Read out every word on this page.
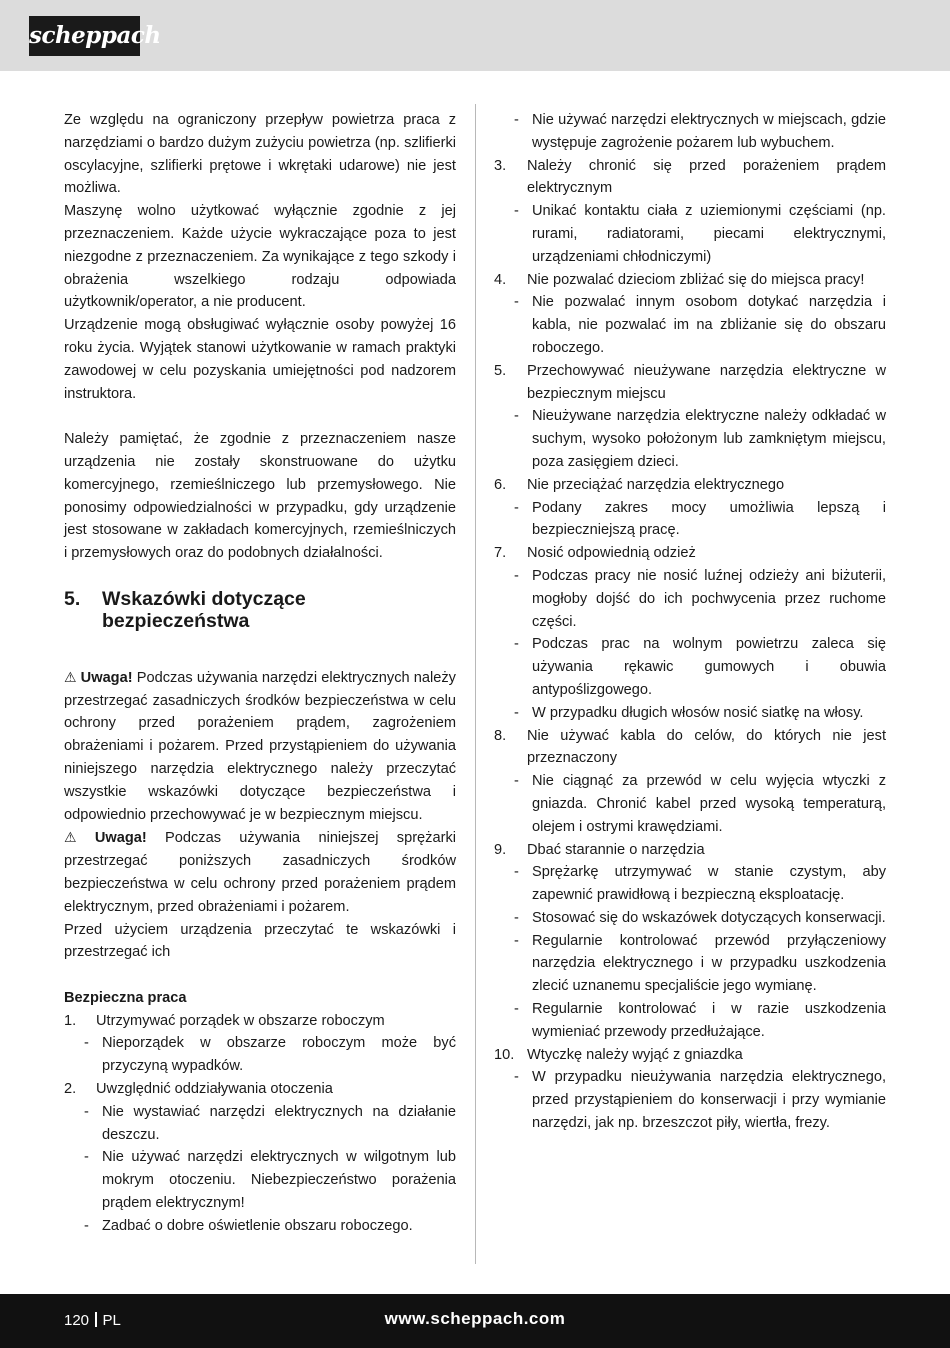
scheppach

Ze względu na ograniczony przepływ powietrza praca z narzędziami o bardzo dużym zużyciu powietrza (np. szlifierki oscylacyjne, szlifierki prętowe i wkrętaki udarowe) nie jest możliwa.

Maszynę wolno użytkować wyłącznie zgodnie z jej przeznaczeniem. Każde użycie wykraczające poza to jest niezgodne z przeznaczeniem. Za wynikające z tego szkody i obrażenia wszelkiego rodzaju odpowiada użytkownik/operator, a nie producent.

Urządzenie mogą obsługiwać wyłącznie osoby powyżej 16 roku życia. Wyjątek stanowi użytkowanie w ramach praktyki zawodowej w celu pozyskania umiejętności pod nadzorem instruktora.

Należy pamiętać, że zgodnie z przeznaczeniem nasze urządzenia nie zostały skonstruowane do użytku komercyjnego, rzemieślniczego lub przemysłowego. Nie ponosimy odpowiedzialności w przypadku, gdy urządzenie jest stosowane w zakładach komercyjnych, rzemieślniczych i przemysłowych oraz do podobnych działalności.

5.	Wskazówki dotyczące bezpieczeństwa

⚠ Uwaga! Podczas używania narzędzi elektrycznych należy przestrzegać zasadniczych środków bezpieczeństwa w celu ochrony przed porażeniem prądem, zagrożeniem obrażeniami i pożarem. Przed przystąpieniem do używania niniejszego narzędzia elektrycznego należy przeczytać wszystkie wskazówki dotyczące bezpieczeństwa i odpowiednio przechowywać je w bezpiecznym miejscu.

⚠ Uwaga! Podczas używania niniejszej sprężarki przestrzegać poniższych zasadniczych środków bezpieczeństwa w celu ochrony przed porażeniem prądem elektrycznym, przed obrażeniami i pożarem.

Przed użyciem urządzenia przeczytać te wskazówki i przestrzegać ich

Bezpieczna praca

1.	Utrzymywać porządek w obszarze roboczym
- Nieporządek w obszarze roboczym może być przyczyną wypadków.
2.	Uwzględnić oddziaływania otoczenia
- Nie wystawiać narzędzi elektrycznych na działanie deszczu.
- Nie używać narzędzi elektrycznych w wilgotnym lub mokrym otoczeniu. Niebezpieczeństwo porażenia prądem elektrycznym!
- Zadbać o dobre oświetlenie obszaru roboczego.
- Nie używać narzędzi elektrycznych w miejscach, gdzie występuje zagrożenie pożarem lub wybuchem.
3.	Należy chronić się przed porażeniem prądem elektrycznym
- Unikać kontaktu ciała z uziemionymi częściami (np. rurami, radiatorami, piecami elektrycznymi, urządzeniami chłodniczymi)
4.	Nie pozwalać dzieciom zbliżać się do miejsca pracy!
- Nie pozwalać innym osobom dotykać narzędzia i kabla, nie pozwalać im na zbliżanie się do obszaru roboczego.
5.	Przechowywać nieużywane narzędzia elektryczne w bezpiecznym miejscu
- Nieużywane narzędzia elektryczne należy odkładać w suchym, wysoko położonym lub zamkniętym miejscu, poza zasięgiem dzieci.
6.	Nie przeciążać narzędzia elektrycznego
- Podany zakres mocy umożliwia lepszą i bezpieczniejszą pracę.
7.	Nosić odpowiednią odzież
- Podczas pracy nie nosić luźnej odzieży ani biżuterii, mogłoby dojść do ich pochwycenia przez ruchome części.
- Podczas prac na wolnym powietrzu zaleca się używania rękawic gumowych i obuwia antypoślizgowego.
- W przypadku długich włosów nosić siatkę na włosy.
8.	Nie używać kabla do celów, do których nie jest przeznaczony
- Nie ciągnąć za przewód w celu wyjęcia wtyczki z gniazda. Chronić kabel przed wysoką temperaturą, olejem i ostrymi krawędziami.
9.	Dbać starannie o narzędzia
- Sprężarkę utrzymywać w stanie czystym, aby zapewnić prawidłową i bezpieczną eksploatację.
- Stosować się do wskazówek dotyczących konserwacji.
- Regularnie kontrolować przewód przyłączeniowy narzędzia elektrycznego i w przypadku uszkodzenia zlecić uznanemu specjaliście jego wymianę.
- Regularnie kontrolować i w razie uszkodzenia wymieniać przewody przedłużające.
10. Wtyczkę należy wyjąć z gniazdka
- W przypadku nieużywania narzędzia elektrycznego, przed przystąpieniem do konserwacji i przy wymianie narzędzi, jak np. brzeszczot piły, wiertła, frezy.
120 PL	www.scheppach.com
